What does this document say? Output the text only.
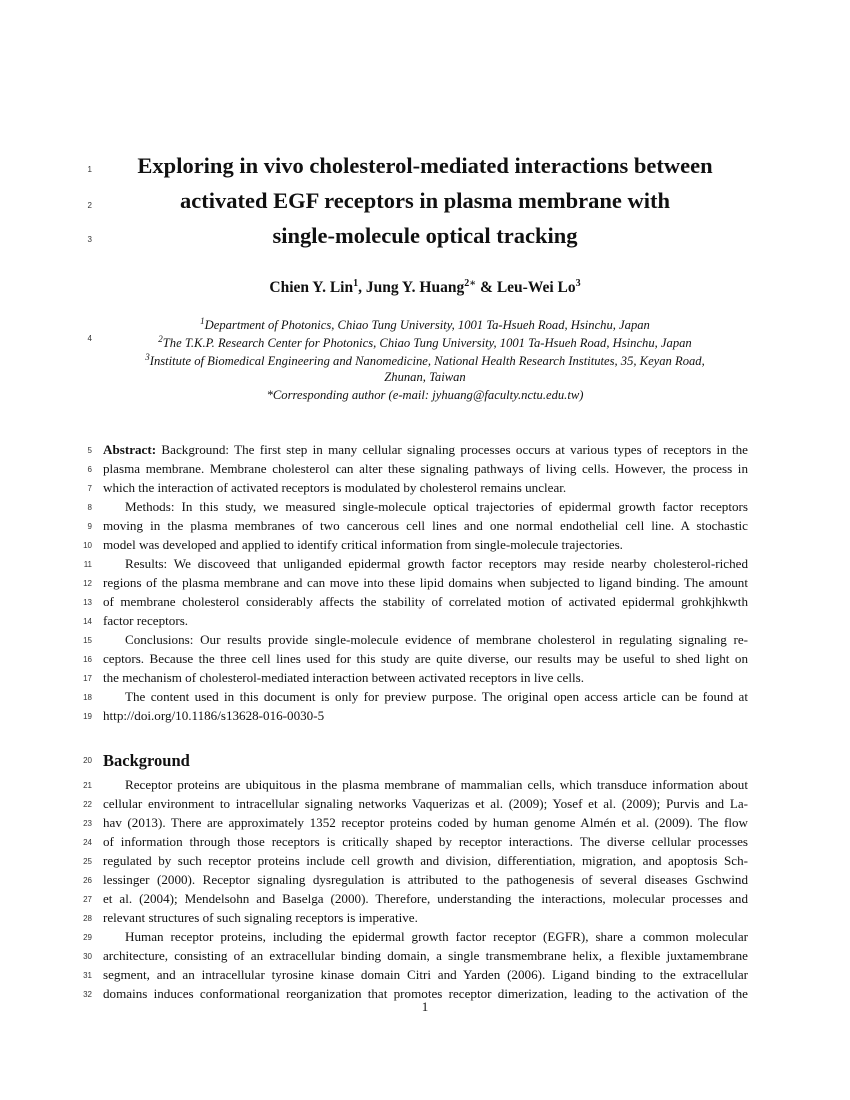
1
2
3
4
5
6
7
8
9
10
11
12
13
14
15
16
17
18
19
20
21
22
23
24
25
26
27
28
29
30
31
32
Exploring in vivo cholesterol-mediated interactions between
activated EGF receptors in plasma membrane with
single-molecule optical tracking
Chien Y. Lin$^1$, Jung Y. Huang$^{2∗}$ & Leu-Wei Lo$^3$
$^1$Department of Photonics, Chiao Tung University, 1001 Ta-Hsueh Road, Hsinchu, Japan
$^2$The T.K.P. Research Center for Photonics, Chiao Tung University, 1001 Ta-Hsueh Road, Hsinchu, Japan
$^3$Institute of Biomedical Engineering and Nanomedicine, National Health Research Institutes, 35, Keyan Road,
Zhunan, Taiwan
*Corresponding author (e-mail: jyhuang@faculty.nctu.edu.tw)
Abstract: Background: The first step in many cellular signaling processes occurs at various types of receptors in the
plasma membrane. Membrane cholesterol can alter these signaling pathways of living cells. However, the process in
which the interaction of activated receptors is modulated by cholesterol remains unclear.
Methods: In this study, we measured single-molecule optical trajectories of epidermal growth factor receptors
moving in the plasma membranes of two cancerous cell lines and one normal endothelial cell line. A stochastic
model was developed and applied to identify critical information from single-molecule trajectories.
Results: We discoveed that unliganded epidermal growth factor receptors may reside nearby cholesterol-riched
regions of the plasma membrane and can move into these lipid domains when subjected to ligand binding. The amount
of membrane cholesterol considerably affects the stability of correlated motion of activated epidermal grohkjhkwth
factor receptors.
Conclusions: Our results provide single-molecule evidence of membrane cholesterol in regulating signaling re-
ceptors. Because the three cell lines used for this study are quite diverse, our results may be useful to shed light on
the mechanism of cholesterol-mediated interaction between activated receptors in live cells.
The content used in this document is only for preview purpose. The original open access article can be found at
http://doi.org/10.1186/s13628-016-0030-5
Background
Receptor proteins are ubiquitous in the plasma membrane of mammalian cells, which transduce information about
cellular environment to intracellular signaling networks Vaquerizas et al. (2009); Yosef et al. (2009); Purvis and La-
hav (2013). There are approximately 1352 receptor proteins coded by human genome Almén et al. (2009). The flow
of information through those receptors is critically shaped by receptor interactions. The diverse cellular processes
regulated by such receptor proteins include cell growth and division, differentiation, migration, and apoptosis Sch-
lessinger (2000). Receptor signaling dysregulation is attributed to the pathogenesis of several diseases Gschwind
et al. (2004); Mendelsohn and Baselga (2000). Therefore, understanding the interactions, molecular processes and
relevant structures of such signaling receptors is imperative.
Human receptor proteins, including the epidermal growth factor receptor (EGFR), share a common molecular
architecture, consisting of an extracellular binding domain, a single transmembrane helix, a flexible juxtamembrane
segment, and an intracellular tyrosine kinase domain Citri and Yarden (2006). Ligand binding to the extracellular
domains induces conformational reorganization that promotes receptor dimerization, leading to the activation of the
1
